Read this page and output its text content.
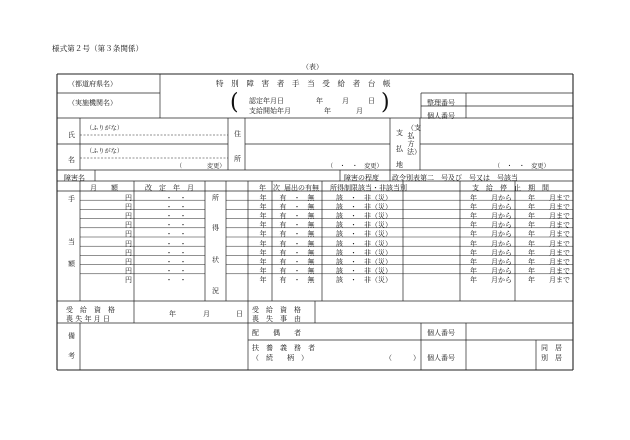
様式第２号（第３条関係）
（表）
（都道府県名）
（実施機関名）
特　別　障　害　者　手　当　受　給　者　台　帳
( 認定年月日	年	月	日
支給開始年月	年	月 )	整理番号
個人番号
氏
名
（ふりがな）
（ふりがな）
（　　　　変更）
住
所
（　・　・　変更）
支
（支払方法）
払
地	（　・　・　変更）
障害名	障害の程度 政令別表第二　号及び　号又は　号該当
月　　額	改　定　年　月	年　次 届出の有無 所得制限該当・非該当別	支　給　停　止　期　間
手
当
額
所
得
状
況
円	・　・	年	有　・　無	該　・　非（災）	年　　月から	年　　月まで
円	・　・	年	有　・　無	該　・　非（災）	年　　月から	年　　月まで
円	・　・	年	有　・　無	該　・　非（災）	年　　月から	年　　月まで
円	・　・	年	有　・　無	該　・　非（災）	年　　月から	年　　月まで
円	・　・	年	有　・　無	該　・　非（災）	年　　月から	年　　月まで
円	・　・	年	有　・　無	該　・　非（災）	年　　月から	年　　月まで
円	・　・	年	有　・　無	該　・　非（災）	年　　月から	年　　月まで
円	・　・	年	有　・　無	該　・　非（災）	年　　月から	年　　月まで
円	・　・	年	有　・　無	該　・　非（災）	年　　月から	年　　月まで
円	・　・	年	有　・　無	該　・　非（災）	年　　月から	年　　月まで
受　給　資　格
喪 失 年 月 日
年	月	日 受　給　資　格
喪　失　事　由
備
考
配　　偶　　者	個人番号
扶　養　義　務　者
（　続　　柄　）	（　　　） 個人番号
同　居
別　居
